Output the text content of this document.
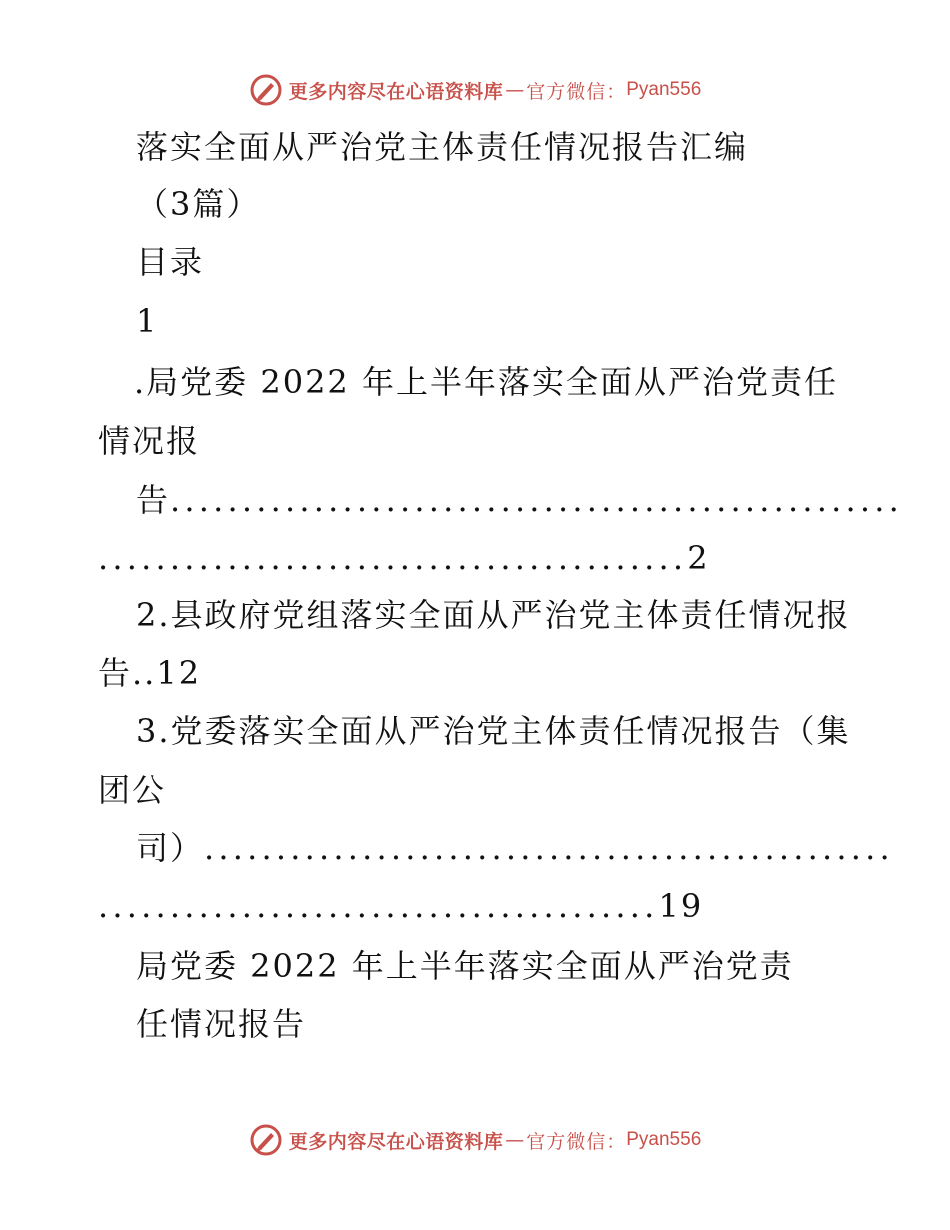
更多内容尽在心语资料库 — 官方微信： Pyan556
落实全面从严治党主体责任情况报告汇编
（3篇）
目录
1
.局党委 2022 年上半年落实全面从严治党责任
情况报
告...................................................
.........................................2
2.县政府党组落实全面从严治党主体责任情况报
告..12
3.党委落实全面从严治党主体责任情况报告（集
团公
司）................................................
.......................................19
局党委 2022 年上半年落实全面从严治党责
任情况报告
更多内容尽在心语资料库 — 官方微信： Pyan556
